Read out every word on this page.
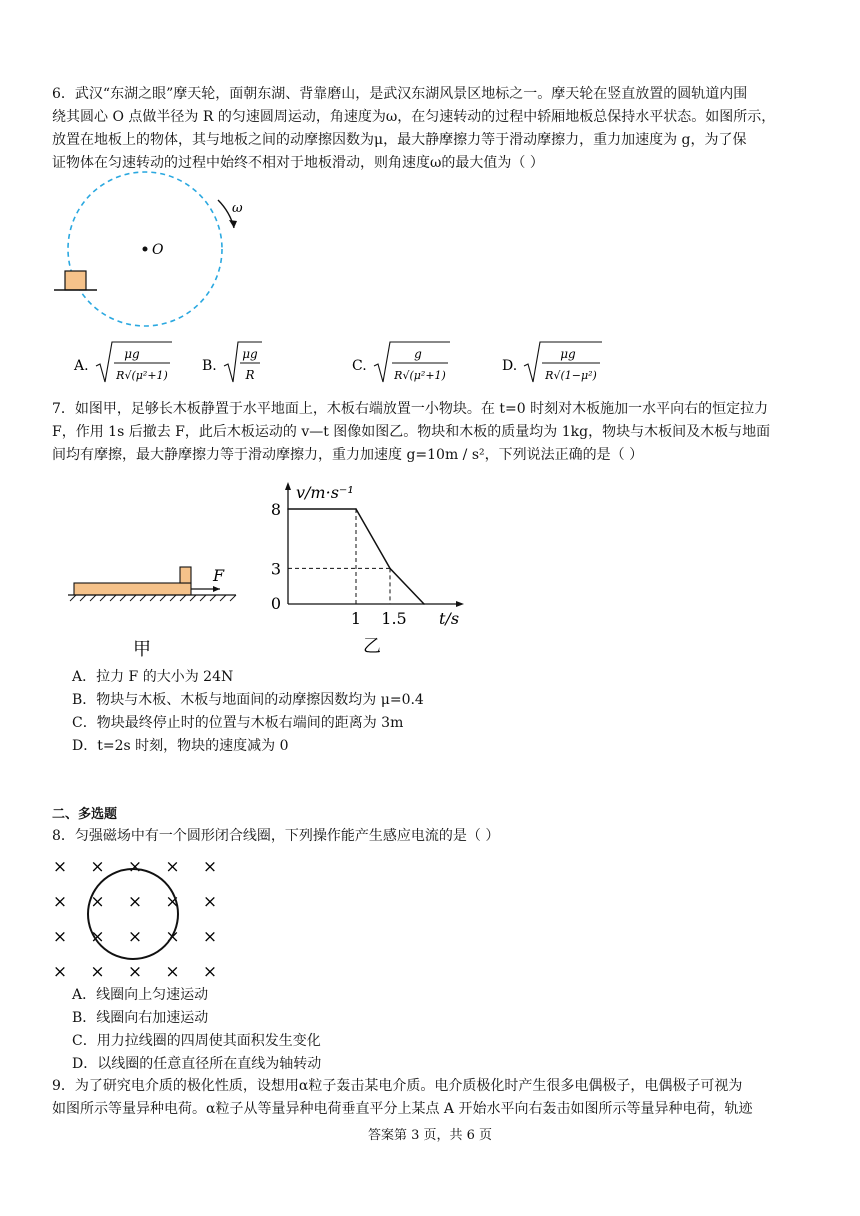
6．武汉“东湖之眼”摩天轮，面朝东湖、背靠磨山，是武汉东湖风景区地标之一。摩天轮在竖直放置的圆轨道内围
绕其圆心 O 点做半径为 R 的匀速圆周运动，角速度为ω，在匀速转动的过程中轿厢地板总保持水平状态。如图所示，
放置在地板上的物体，其与地板之间的动摩擦因数为μ，最大静摩擦力等于滑动摩擦力，重力加速度为 g，为了保
证物体在匀速转动的过程中始终不相对于地板滑动，则角速度ω的最大值为（ ）
O
ω
A.
μg
R√(μ²+1)
B.
μg
R
C.
g
R√(μ²+1)
D.
μg
R√(1−μ²)
7．如图甲，足够长木板静置于水平地面上，木板右端放置一小物块。在 t=0 时刻对木板施加一水平向右的恒定拉力
F，作用 1s 后撤去 F，此后木板运动的 v—t 图像如图乙。物块和木板的质量均为 1kg，物块与木板间及木板与地面
间均有摩擦，最大静摩擦力等于滑动摩擦力，重力加速度 g=10m / s²，下列说法正确的是（ ）
F
甲
v/m·s⁻¹
t/s
0
8
3
1 1.5
乙
A．拉力 F 的大小为 24N
B．物块与木板、木板与地面间的动摩擦因数均为 μ=0.4
C．物块最终停止时的位置与木板右端间的距离为 3m
D．t=2s 时刻，物块的速度减为 0
二、多选题
8．匀强磁场中有一个圆形闭合线圈，下列操作能产生感应电流的是（ ）
× × × × ×
× × × × ×
× × × × ×
× × × × ×
A．线圈向上匀速运动
B．线圈向右加速运动
C．用力拉线圈的四周使其面积发生变化
D．以线圈的任意直径所在直线为轴转动
9．为了研究电介质的极化性质，设想用α粒子轰击某电介质。电介质极化时产生很多电偶极子，电偶极子可视为
如图所示等量异种电荷。α粒子从等量异种电荷垂直平分上某点 A 开始水平向右轰击如图所示等量异种电荷，轨迹
答案第 3 页，共 6 页
